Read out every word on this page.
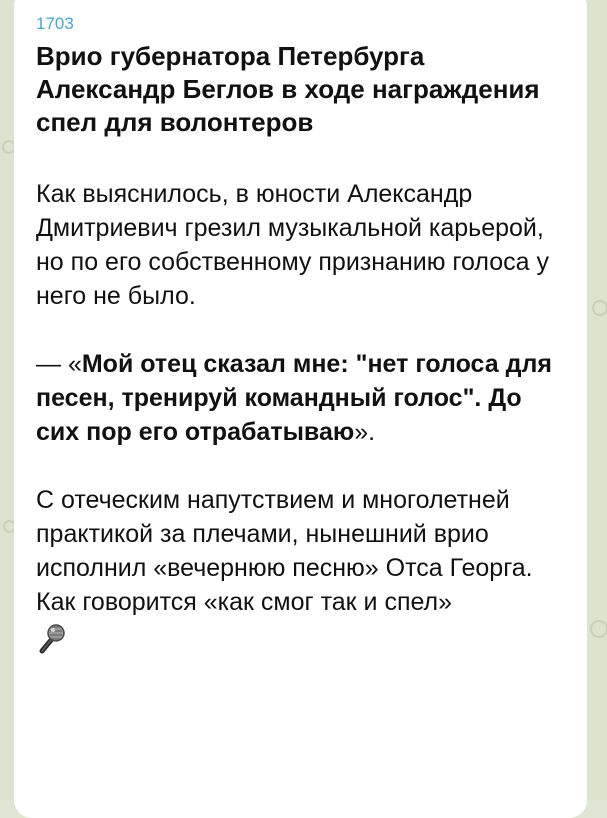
1703

Врио губернатора Петербурга Александр Беглов в ходе награждения спел для волонтеров

Как выяснилось, в юности Александр Дмитриевич грезил музыкальной карьерой, но по его собственному признанию голоса у него не было.

— «Мой отец сказал мне: "нет голоса для песен, тренируй командный голос". До сих пор его отрабатываю».

С отеческим напутствием и многолетней практикой за плечами, нынешний врио исполнил «вечернюю песню» Отса Георга. Как говорится «как смог так и спел»
